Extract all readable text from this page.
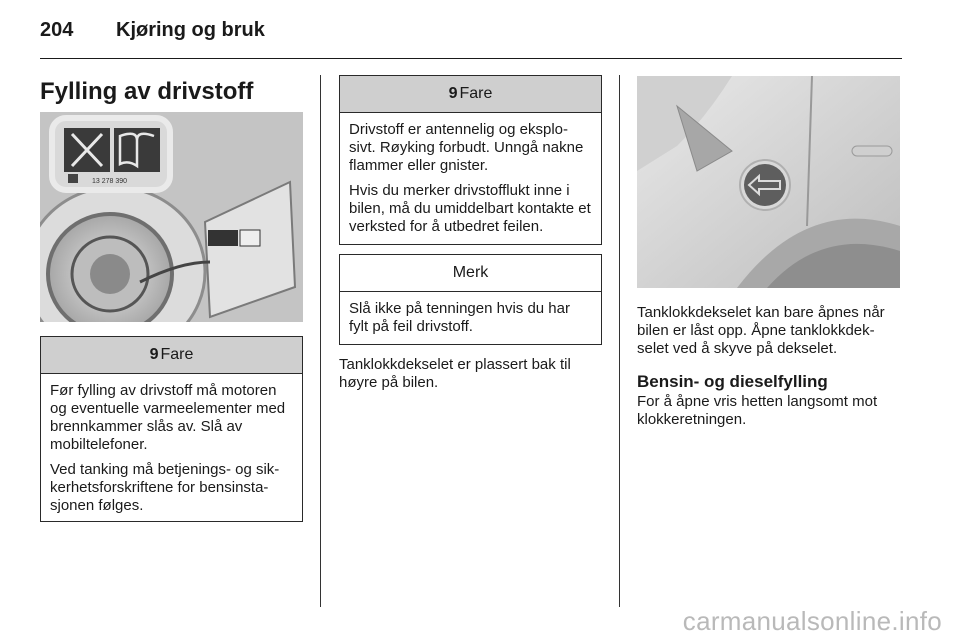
204 Kjøring og bruk
Fylling av drivstoff
13 278 390
9 Fare

Før fylling av drivstoff må motoren og eventuelle varmeelementer med brennkammer slås av. Slå av mobiltelefoner.

Ved tanking må betjenings- og sik-kerhetsforskriftene for bensinsta-sjonen følges.

9 Fare

Drivstoff er antennelig og eksplo-sivt. Røyking forbudt. Unngå nakne flammer eller gnister.

Hvis du merker drivstofflukt inne i bilen, må du umiddelbart kontakte et verksted for å utbedret feilen.

Merk
Slå ikke på tenningen hvis du har fylt på feil drivstoff.
Tanklokkdekselet er plassert bak til høyre på bilen.
Tanklokkdekselet kan bare åpnes når bilen er låst opp. Åpne tanklokkdek-selet ved å skyve på dekselet.
Bensin- og dieselfylling
For å åpne vris hetten langsomt mot klokkeretningen.
carmanualsonline.info
